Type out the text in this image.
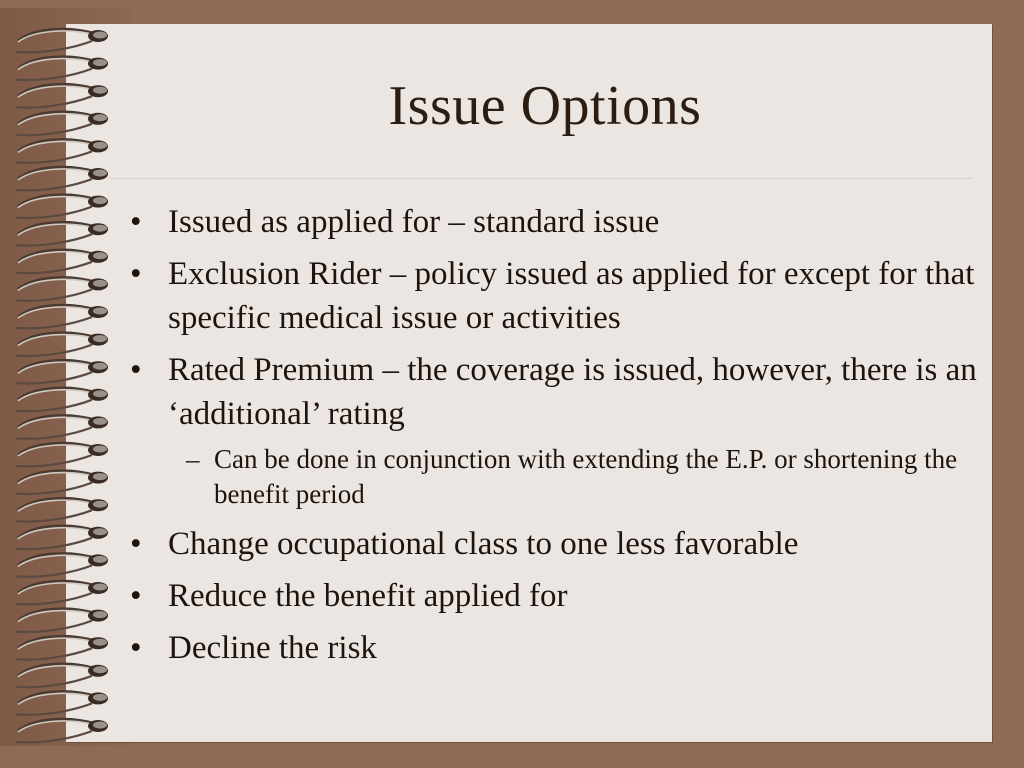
Issue Options
• Issued as applied for – standard issue
• Exclusion Rider – policy issued as applied for except for that specific medical issue or activities
• Rated Premium – the coverage is issued, however, there is an ‘additional’ rating
– Can be done in conjunction with extending the E.P. or shortening the benefit period
• Change occupational class to one less favorable
• Reduce the benefit applied for
• Decline the risk
